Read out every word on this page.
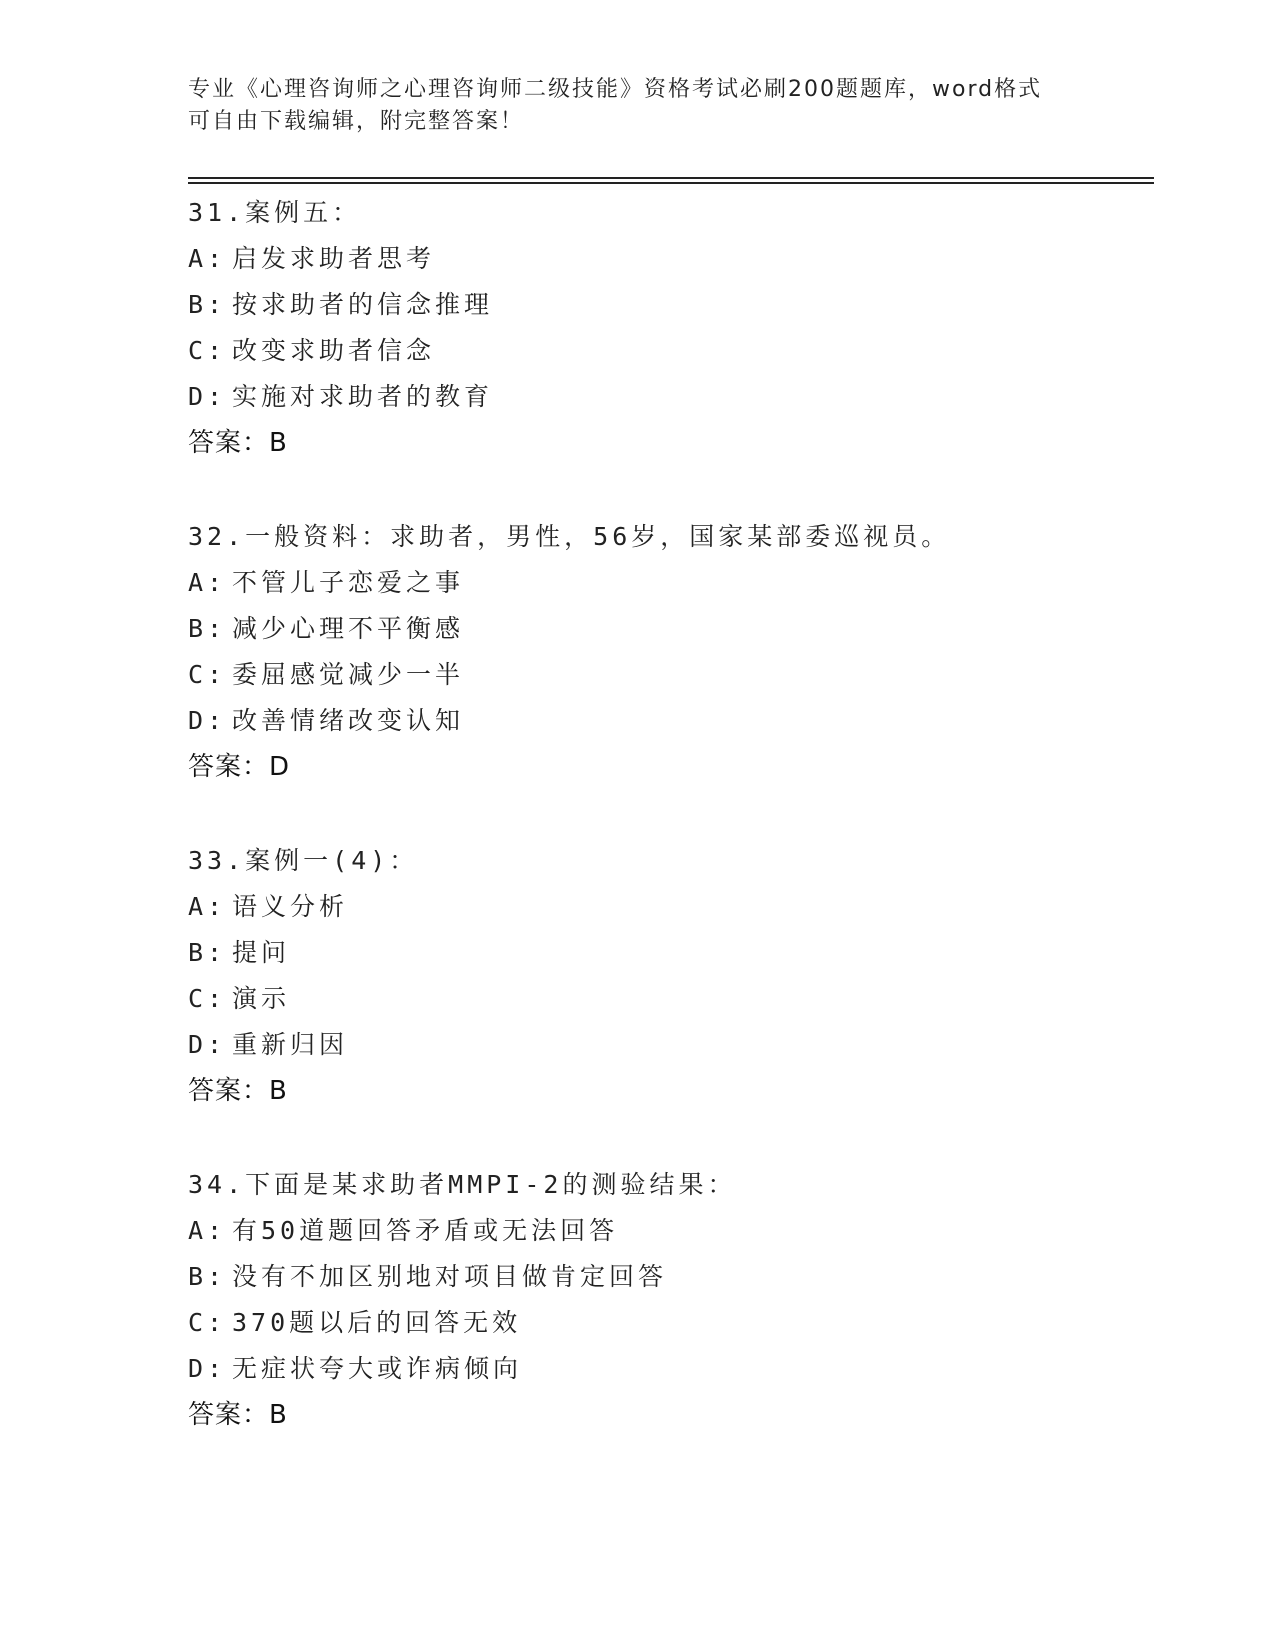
专业《心理咨询师之心理咨询师二级技能》资格考试必刷200题题库，word格式
可自由下载编辑，附完整答案！
31.案例五：
A: 启发求助者思考
B: 按求助者的信念推理
C: 改变求助者信念
D: 实施对求助者的教育
答案：B
32.一般资料：求助者，男性，56岁，国家某部委巡视员。
A: 不管儿子恋爱之事
B: 减少心理不平衡感
C: 委屈感觉减少一半
D: 改善情绪改变认知
答案：D
33.案例一(4)：
A: 语义分析
B: 提问
C: 演示
D: 重新归因
答案：B
34.下面是某求助者MMPI-2的测验结果：
A: 有50道题回答矛盾或无法回答
B: 没有不加区别地对项目做肯定回答
C: 370题以后的回答无效
D: 无症状夸大或诈病倾向
答案：B
